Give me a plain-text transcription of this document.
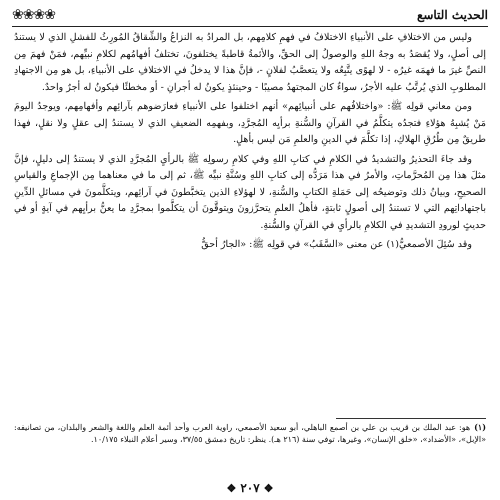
الحديث التاسع
❀❀❀❀

وليس من الاختلافِ على الأنبياءِ الاختلافُ في فهمِ كلامِهم، بل المرادُ به النزاعُ والشِّقاقُ المُورِثُ للفشلِ الذي لا يستندُ إلى أصلٍ، ولا يُقصَدُ به وجهُ اللهِ والوصولُ إلى الحقِّ، والأئمةُ قاطبةً يختلفونَ، تختلفُ أفهامُهم لكلامِ نبيِّهم، فمَنْ فهمَ مِن النصِّ غيرَ ما فهمَه غيرُه - لا لهوًى يتَّبِعُه ولا يتعصَّبُ لفلانٍ -، فإنَّ هذا لا يدخلُ في الاختلافِ على الأنبياءِ، بل هو مِن الاجتهادِ المطلوبِ الذي يُرتَّبُ عليه الأجرُ، سواءٌ كان المجتهدُ مصيبًا - وحينئذٍ يكونُ له أجرانِ - أو مخطئًا فيكونُ له أجرٌ واحدٌ.

ومن معاني قولِه ﷺ: «واختلافُهم على أنبيائِهم» أنهم اختلفوا على الأنبياءِ فعارَضوهم بآرائِهم وأفهامِهم، ويوجدُ اليومَ مَنْ يُشبِهُ هؤلاءِ فتجدُه يتكلَّمُ في القرآنِ والسُّنةِ برأيِه المُجرَّدِ، وبفهمِه الضعيفِ الذي لا يستندُ إلى عقلٍ ولا نقلٍ، فهذا طريقٌ مِن طُرُقِ الهلاكِ، إذا تكلَّمَ في الدينِ والعلمِ مَن ليس بأهلٍ.

وقد جاءَ التحذيرُ والتشديدُ في الكلامِ في كتابِ اللهِ وفي كلامِ رسولِه ﷺ بالرأيِ المُجرَّدِ الذي لا يستندُ إلى دليلٍ، فإنَّ مثلَ هذا مِن المُحرَّماتِ، والأمرُ في هذا مَرَدُّه إلى كتابِ اللهِ وسُنَّةِ نبيِّه ﷺ، ثم إلى ما في معناهما مِن الإجماعِ والقياسِ الصحيحِ، وبيانُ ذلك وتوضيحُه إلى حَمَلةِ الكتابِ والسُّنةِ، لا لهؤلاءِ الذين يتخبَّطونَ في آرائِهم، ويتكلَّمونَ في مسائلِ الدِّينِ باجتهاداتِهم التي لا تستندُ إلى أصولٍ ثابتةٍ، فأهلُ العلمِ يتحرَّزونَ ويتوقَّونَ أن يتكلَّموا بمجرَّدِ ما يعنُّ برأيِهم في آيةٍ أو في حديثٍ لورودِ التشديدِ في الكلامِ بالرأيِ في القرآنِ والسُّنةِ.

وقد سُئِلَ الأصمعيُّ(١) عن معنى «السَّقَبُ» في قولِه ﷺ: «الجارُ أحقُّ

(١)هو: عبد الملك بن قريب بن علي بن أصمع الباهلي، أبو سعيد الأصمعي، راوية العرب وأحد أئمة العلم واللغة والشعر والبلدان، من تصانيفه: «الإبل»، «الأضداد»، «خلق الإنسان»، وغيرها، توفي سنة (٢١٦ هـ). ينظر: تاريخ دمشق ٣٧/٥٥، وسير أعلام النبلاء ١٠/١٧٥.
❖
٢٠٧
❖
